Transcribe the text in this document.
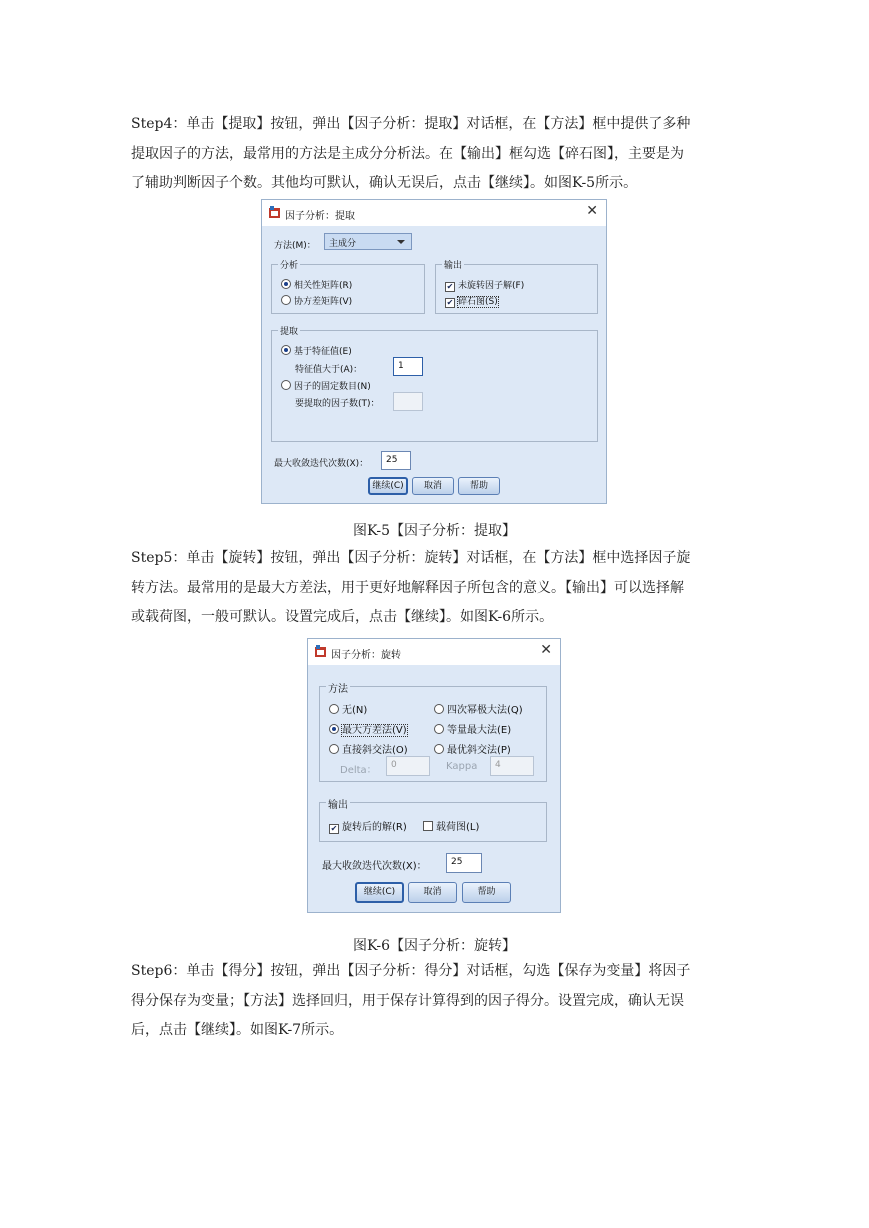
Step4：单击【提取】按钮，弹出【因子分析：提取】对话框，在【方法】框中提供了多种
提取因子的方法，最常用的方法是主成分分析法。在【输出】框勾选【碎石图】，主要是为
了辅助判断因子个数。其他均可默认，确认无误后，点击【继续】。如图K-5所示。
因子分析：提取	✕
方法(M)：	主成分
分析
相关性矩阵(R)
协方差矩阵(V)
输出
✔ 未旋转因子解(F)
✔ 碎石图(S)
提取
基于特征值(E)
特征值大于(A)：	1
因子的固定数目(N)
要提取的因子数(T)：
最大收敛迭代次数(X)：	25
继续(C)	取消	帮助
图K-5【因子分析：提取】
Step5：单击【旋转】按钮，弹出【因子分析：旋转】对话框，在【方法】框中选择因子旋
转方法。最常用的是最大方差法，用于更好地解释因子所包含的意义。【输出】可以选择解
或载荷图，一般可默认。设置完成后，点击【继续】。如图K-6所示。
因子分析：旋转	✕
方法
无(N)	四次幂极大法(Q)
最大方差法(V)	等量最大法(E)
直接斜交法(O)	最优斜交法(P)
Delta：	0	Kappa	4
输出
✔ 旋转后的解(R)	载荷图(L)
最大收敛迭代次数(X)：	25
继续(C)	取消	帮助
图K-6【因子分析：旋转】
Step6：单击【得分】按钮，弹出【因子分析：得分】对话框，勾选【保存为变量】将因子
得分保存为变量；【方法】选择回归，用于保存计算得到的因子得分。设置完成，确认无误
后，点击【继续】。如图K-7所示。
